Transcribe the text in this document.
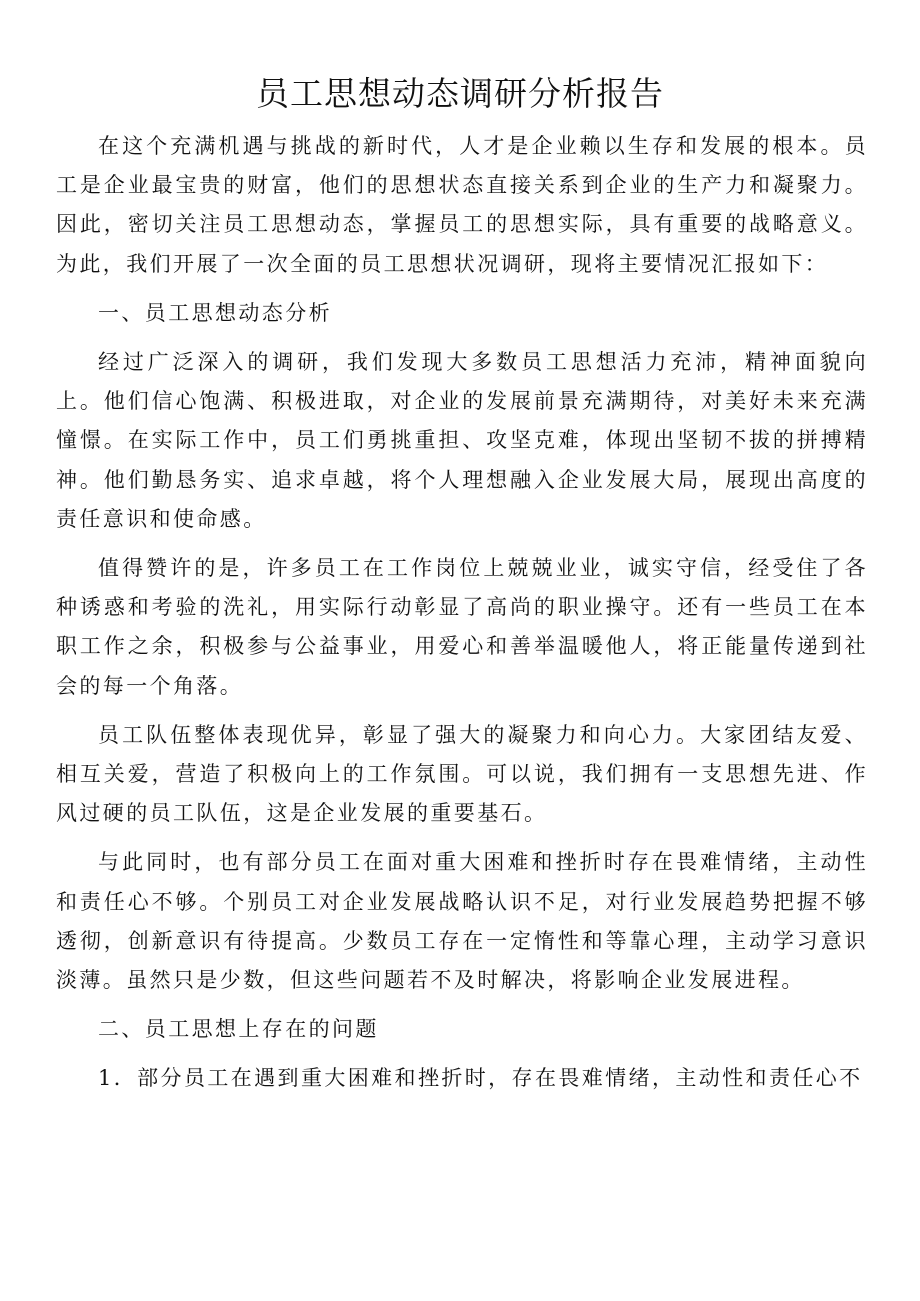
员工思想动态调研分析报告

在这个充满机遇与挑战的新时代，人才是企业赖以生存和发展的根本。员工是企业最宝贵的财富，他们的思想状态直接关系到企业的生产力和凝聚力。因此，密切关注员工思想动态，掌握员工的思想实际，具有重要的战略意义。为此，我们开展了一次全面的员工思想状况调研，现将主要情况汇报如下：

一、员工思想动态分析

经过广泛深入的调研，我们发现大多数员工思想活力充沛，精神面貌向上。他们信心饱满、积极进取，对企业的发展前景充满期待，对美好未来充满憧憬。在实际工作中，员工们勇挑重担、攻坚克难，体现出坚韧不拔的拼搏精神。他们勤恳务实、追求卓越，将个人理想融入企业发展大局，展现出高度的责任意识和使命感。

值得赞许的是，许多员工在工作岗位上兢兢业业，诚实守信，经受住了各种诱惑和考验的洗礼，用实际行动彰显了高尚的职业操守。还有一些员工在本职工作之余，积极参与公益事业，用爱心和善举温暖他人，将正能量传递到社会的每一个角落。

员工队伍整体表现优异，彰显了强大的凝聚力和向心力。大家团结友爱、相互关爱，营造了积极向上的工作氛围。可以说，我们拥有一支思想先进、作风过硬的员工队伍，这是企业发展的重要基石。

与此同时，也有部分员工在面对重大困难和挫折时存在畏难情绪，主动性和责任心不够。个别员工对企业发展战略认识不足，对行业发展趋势把握不够透彻，创新意识有待提高。少数员工存在一定惰性和等靠心理，主动学习意识淡薄。虽然只是少数，但这些问题若不及时解决，将影响企业发展进程。

二、员工思想上存在的问题

1．部分员工在遇到重大困难和挫折时，存在畏难情绪，主动性和责任心不
